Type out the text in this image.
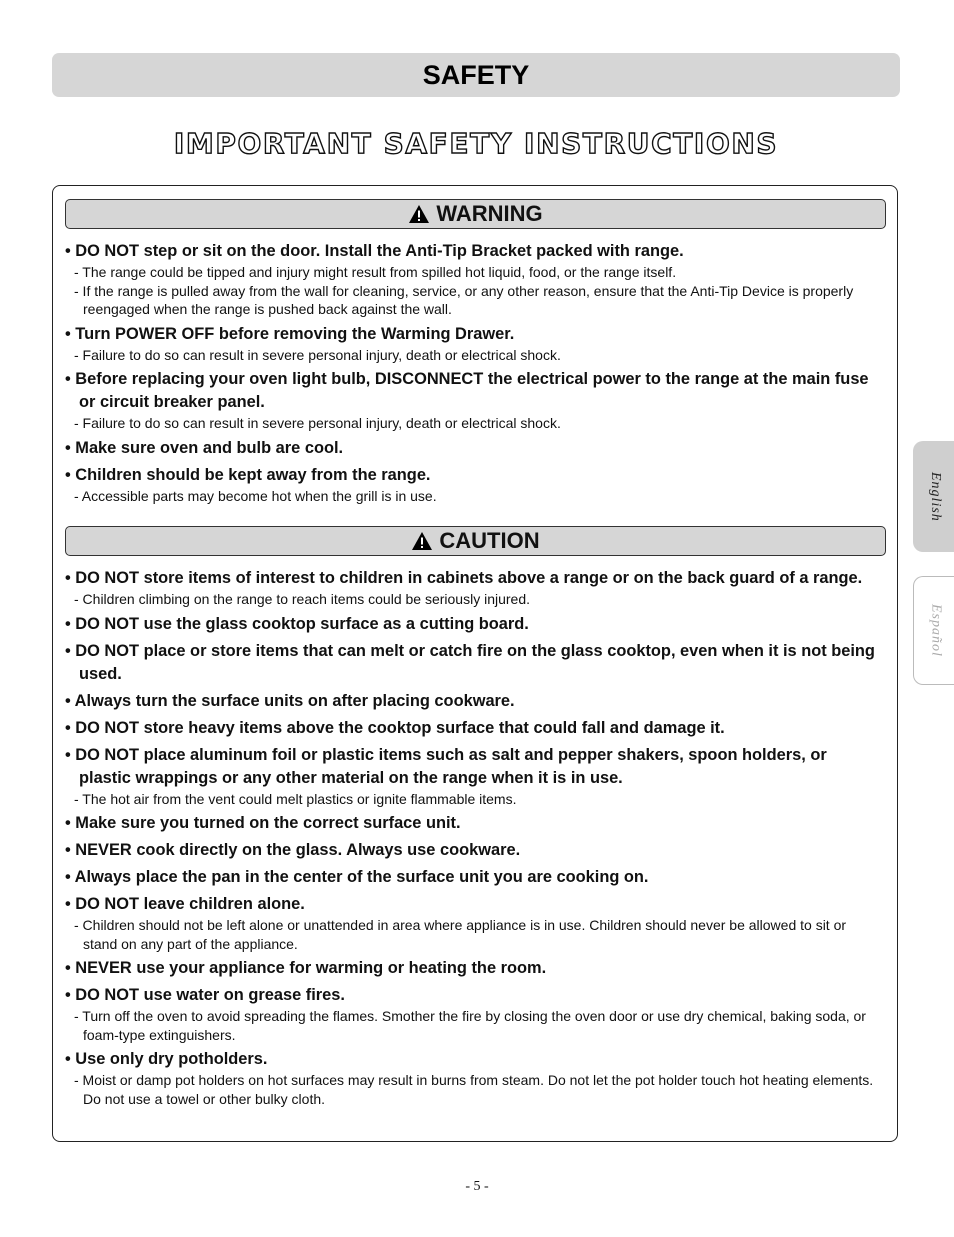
SAFETY
IMPORTANT SAFETY INSTRUCTIONS
WARNING

• DO NOT step or sit on the door. Install the Anti-Tip Bracket packed with range.

- The range could be tipped and injury might result from spilled hot liquid, food, or the range itself.

- If the range is pulled away from the wall for cleaning, service, or any other reason, ensure that the Anti-Tip Device is properly reengaged when the range is pushed back against the wall.

• Turn POWER OFF before removing the Warming Drawer.

- Failure to do so can result in severe personal injury, death or electrical shock.

• Before replacing your oven light bulb, DISCONNECT the electrical power to the range at the main fuse or circuit breaker panel.

- Failure to do so can result in severe personal injury, death or electrical shock.

• Make sure oven and bulb are cool.

• Children should be kept away from the range.

- Accessible parts may become hot when the grill is in use.

CAUTION

• DO NOT store items of interest to children in cabinets above a range or on the back guard of a range.

- Children climbing on the range to reach items could be seriously injured.

• DO NOT use the glass cooktop surface as a cutting board.

• DO NOT place or store items that can melt or catch fire on the glass cooktop, even when it is not being used.

• Always turn the surface units on after placing cookware.

• DO NOT store heavy items above the cooktop surface that could fall and damage it.

• DO NOT place aluminum foil or plastic items such as salt and pepper shakers, spoon holders, or plastic wrappings or any other material on the range when it is in use.

- The hot air from the vent could melt plastics or ignite flammable items.

• Make sure you turned on the correct surface unit.

• NEVER cook directly on the glass. Always use cookware.

• Always place the pan in the center of the surface unit you are cooking on.

• DO NOT leave children alone.

- Children should not be left alone or unattended in area where appliance is in use. Children should never be allowed to sit or stand on any part of the appliance.

• NEVER use your appliance for warming or heating the room.

• DO NOT use water on grease fires.

- Turn off the oven to avoid spreading the flames. Smother the fire by closing the oven door or use dry chemical, baking soda, or foam-type extinguishers.

• Use only dry potholders.

- Moist or damp pot holders on hot surfaces may result in burns from steam. Do not let the pot holder touch hot heating elements. Do not use a towel or other bulky cloth.

English
Español
- 5 -
